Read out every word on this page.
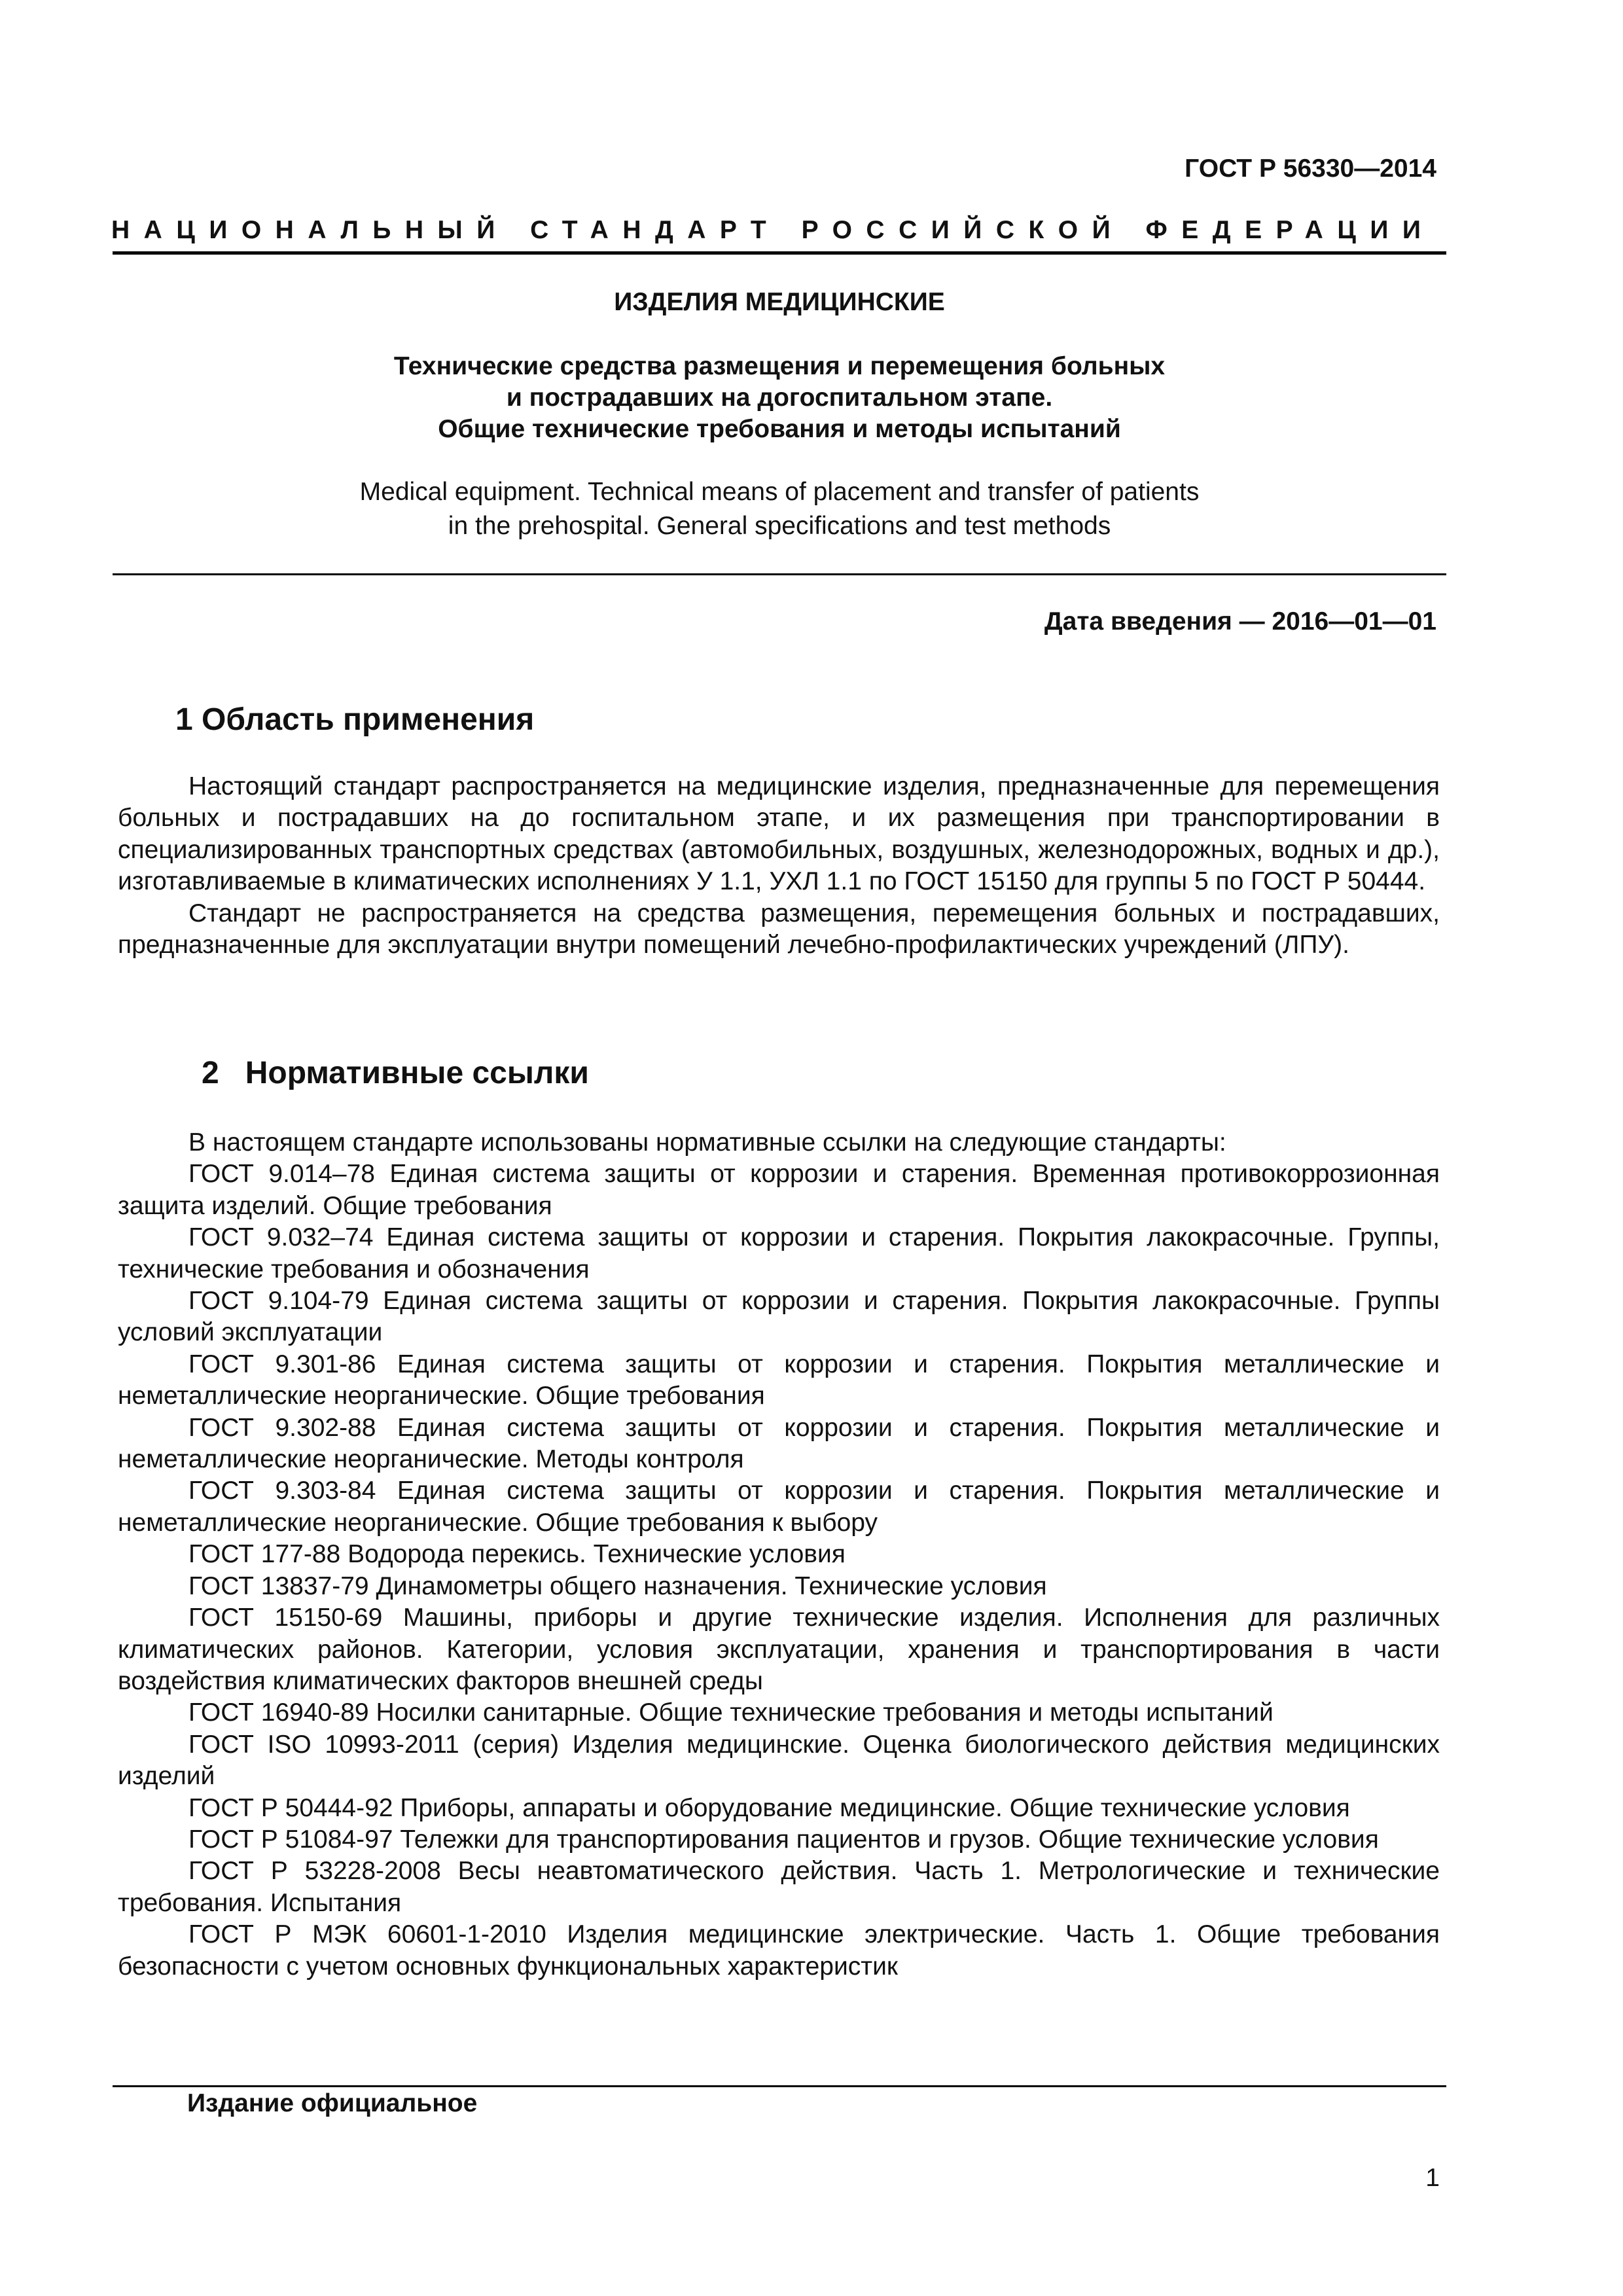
ГОСТ Р 56330—2014
НАЦИОНАЛЬНЫЙ СТАНДАРТ РОССИЙСКОЙ ФЕДЕРАЦИИ
ИЗДЕЛИЯ МЕДИЦИНСКИЕ
Технические средства размещения и перемещения больных
и пострадавших на догоспитальном этапе.
Общие технические требования и методы испытаний
Medical equipment. Technical means of placement and transfer of patients
in the prehospital. General specifications and test methods
Дата введения — 2016—01—01
1 Область применения

Настоящий стандарт распространяется на медицинские изделия, предназначенные для перемещения больных и пострадавших на до госпитальном этапе, и их размещения при транспортировании в специализированных транспортных средствах (автомобильных, воздушных, железнодорожных, водных и др.), изготавливаемые в климатических исполнениях У 1.1, УХЛ 1.1 по ГОСТ 15150 для группы 5 по ГОСТ Р 50444.

Стандарт не распространяется на средства размещения, перемещения больных и пострадавших, предназначенные для эксплуатации внутри помещений лечебно-профилактических учреждений (ЛПУ).

2   Нормативные ссылки

В настоящем стандарте использованы нормативные ссылки на следующие стандарты:

ГОСТ 9.014–78 Единая система защиты от коррозии и старения. Временная противокоррозионная защита изделий. Общие требования

ГОСТ 9.032–74 Единая система защиты от коррозии и старения. Покрытия лакокрасочные. Группы, технические требования и обозначения

ГОСТ 9.104-79 Единая система защиты от коррозии и старения. Покрытия лакокрасочные. Группы условий эксплуатации

ГОСТ 9.301-86 Единая система защиты от коррозии и старения. Покрытия металлические и неметаллические неорганические. Общие требования

ГОСТ 9.302-88 Единая система защиты от коррозии и старения. Покрытия металлические и неметаллические неорганические. Методы контроля

ГОСТ 9.303-84 Единая система защиты от коррозии и старения. Покрытия металлические и неметаллические неорганические. Общие требования к выбору

ГОСТ 177-88 Водорода перекись. Технические условия

ГОСТ 13837-79 Динамометры общего назначения. Технические условия

ГОСТ 15150-69 Машины, приборы и другие технические изделия. Исполнения для различных климатических районов. Категории, условия эксплуатации, хранения и транспортирования в части воздействия климатических факторов внешней среды

ГОСТ 16940-89 Носилки санитарные. Общие технические требования и методы испытаний

ГОСТ ISO 10993-2011 (серия) Изделия медицинские. Оценка биологического действия медицинских изделий

ГОСТ Р 50444-92 Приборы, аппараты и оборудование медицинские. Общие технические условия

ГОСТ Р 51084-97 Тележки для транспортирования пациентов и грузов. Общие технические условия

ГОСТ Р 53228-2008 Весы неавтоматического действия. Часть 1. Метрологические и технические требования. Испытания

ГОСТ Р МЭК 60601-1-2010 Изделия медицинские электрические. Часть 1. Общие требования безопасности с учетом основных функциональных характеристик

Издание официальное
1
